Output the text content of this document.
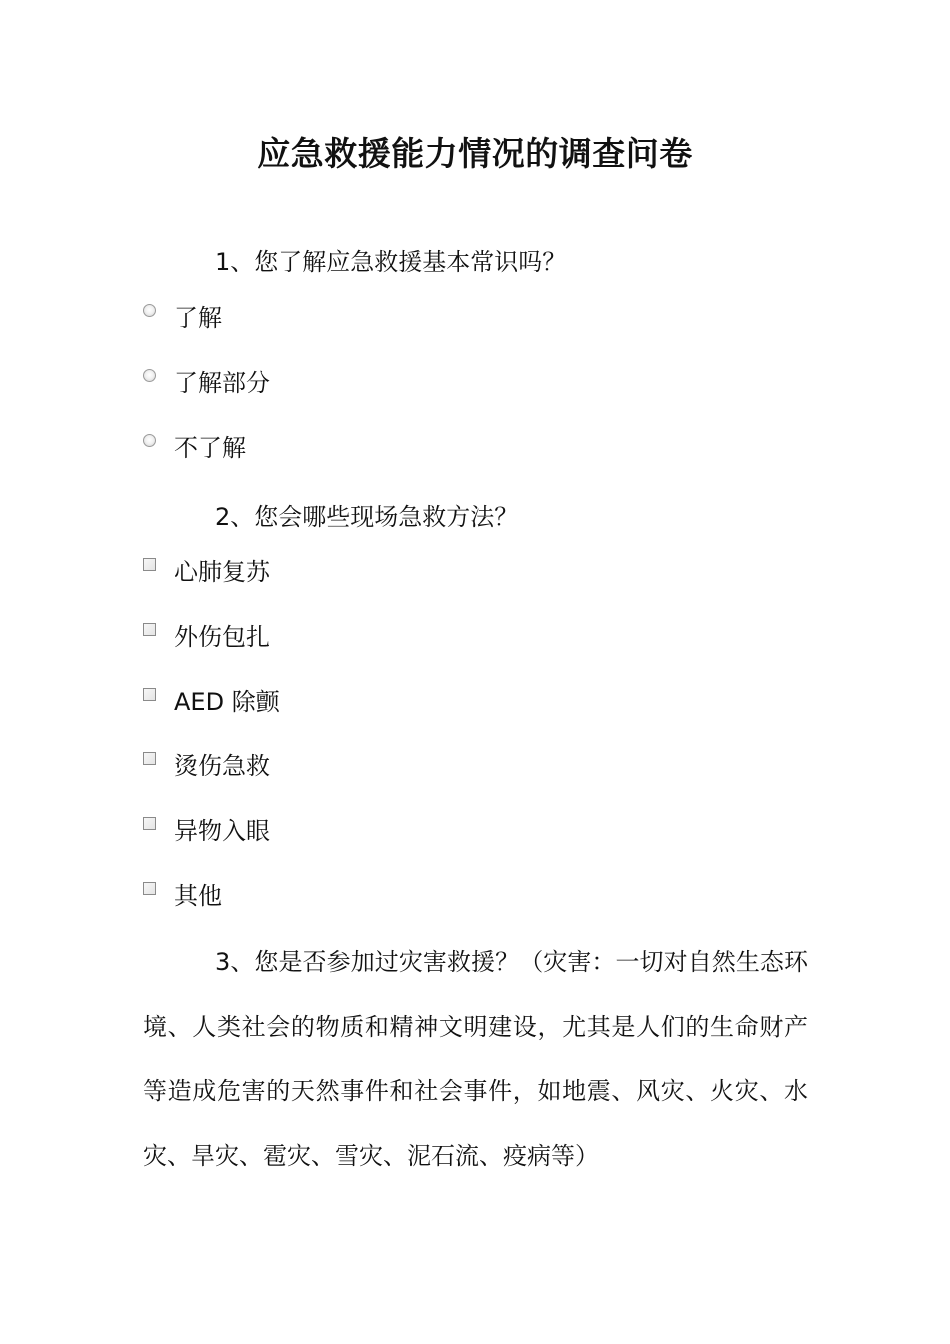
应急救援能力情况的调查问卷
1、您了解应急救援基本常识吗？
了解
了解部分
不了解
2、您会哪些现场急救方法？
心肺复苏
外伤包扎
AED 除颤
烫伤急救
异物入眼
其他

3、您是否参加过灾害救援？（灾害：一切对自然生态环境、人类社会的物质和精神文明建设，尤其是人们的生命财产等造成危害的天然事件和社会事件，如地震、风灾、火灾、水灾、旱灾、雹灾、雪灾、泥石流、疫病等）
